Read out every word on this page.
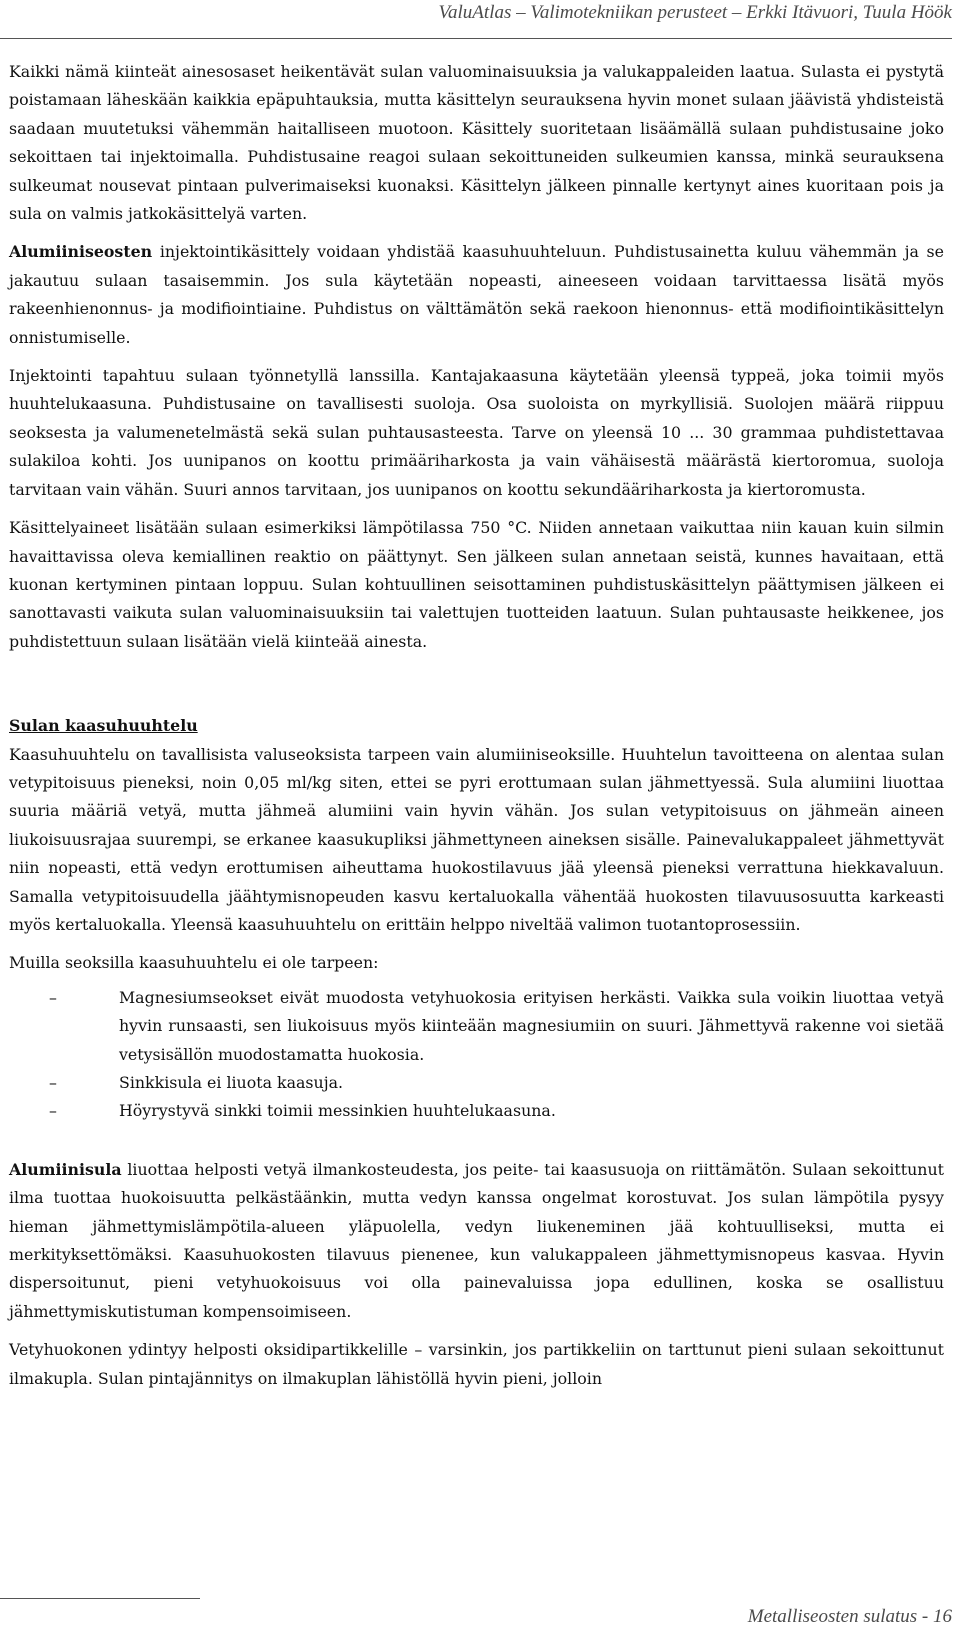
ValuAtlas – Valimotekniikan perusteet – Erkki Itävuori, Tuula Höök

Kaikki nämä kiinteät ainesosaset heikentävät sulan valuominaisuuksia ja valukappaleiden laatua. Sulasta ei pystytä poistamaan läheskään kaikkia epäpuhtauksia, mutta käsittelyn seurauksena hyvin monet sulaan jäävistä yhdisteistä saadaan muutetuksi vähemmän haitalliseen muotoon. Käsittely suoritetaan lisäämällä sulaan puhdistusaine joko sekoittaen tai injektoimalla. Puhdistusaine reagoi sulaan sekoittuneiden sulkeumien kanssa, minkä seurauksena sulkeumat nousevat pintaan pulverimaiseksi kuonaksi. Käsittelyn jälkeen pinnalle kertynyt aines kuoritaan pois ja sula on valmis jatkokäsittelyä varten.

Alumiiniseosten injektointikäsittely voidaan yhdistää kaasuhuuhteluun. Puhdistusainetta kuluu vähemmän ja se jakautuu sulaan tasaisemmin. Jos sula käytetään nopeasti, aineeseen voidaan tarvittaessa lisätä myös rakeenhienonnus- ja modifiointiaine. Puhdistus on välttämätön sekä raekoon hienonnus- että modifiointikäsittelyn onnistumiselle.

Injektointi tapahtuu sulaan työnnetyllä lanssilla. Kantajakaasuna käytetään yleensä typpeä, joka toimii myös huuhtelukaasuna. Puhdistusaine on tavallisesti suoloja. Osa suoloista on myrkyllisiä. Suolojen määrä riippuu seoksesta ja valumenetelmästä sekä sulan puhtausasteesta. Tarve on yleensä 10 ... 30 grammaa puhdistettavaa sulakiloa kohti. Jos uunipanos on koottu primääriharkosta ja vain vähäisestä määrästä kiertoromua, suoloja tarvitaan vain vähän. Suuri annos tarvitaan, jos uunipanos on koottu sekundääriharkosta ja kiertoromusta.

Käsittelyaineet lisätään sulaan esimerkiksi lämpötilassa 750 °C. Niiden annetaan vaikuttaa niin kauan kuin silmin havaittavissa oleva kemiallinen reaktio on päättynyt. Sen jälkeen sulan annetaan seistä, kunnes havaitaan, että kuonan kertyminen pintaan loppuu. Sulan kohtuullinen seisottaminen puhdistuskäsittelyn päättymisen jälkeen ei sanottavasti vaikuta sulan valuominaisuuksiin tai valettujen tuotteiden laatuun. Sulan puhtausaste heikkenee, jos puhdistettuun sulaan lisätään vielä kiinteää ainesta.

Sulan kaasuhuuhtelu

Kaasuhuuhtelu on tavallisista valuseoksista tarpeen vain alumiiniseoksille. Huuhtelun tavoitteena on alentaa sulan vetypitoisuus pieneksi, noin 0,05 ml/kg siten, ettei se pyri erottumaan sulan jähmettyessä. Sula alumiini liuottaa suuria määriä vetyä, mutta jähmeä alumiini vain hyvin vähän. Jos sulan vetypitoisuus on jähmeän aineen liukoisuusrajaa suurempi, se erkanee kaasukupliksi jähmettyneen aineksen sisälle. Painevalukappaleet jähmettyvät niin nopeasti, että vedyn erottumisen aiheuttama huokostilavuus jää yleensä pieneksi verrattuna hiekkavaluun. Samalla vetypitoisuudella jäähtymisnopeuden kasvu kertaluokalla vähentää huokosten tilavuusosuutta karkeasti myös kertaluokalla. Yleensä kaasuhuuhtelu on erittäin helppo niveltää valimon tuotantoprosessiin.

Muilla seoksilla kaasuhuuhtelu ei ole tarpeen:

–	Magnesiumseokset eivät muodosta vetyhuokosia erityisen herkästi. Vaikka sula voikin liuottaa vetyä hyvin runsaasti, sen liukoisuus myös kiinteään magnesiumiin on suuri. Jähmettyvä rakenne voi sietää vetysisällön muodostamatta huokosia.
–	Sinkkisula ei liuota kaasuja.
–	Höyrystyvä sinkki toimii messinkien huuhtelukaasuna.

Alumiinisula liuottaa helposti vetyä ilmankosteudesta, jos peite- tai kaasusuoja on riittämätön. Sulaan sekoittunut ilma tuottaa huokoisuutta pelkästäänkin, mutta vedyn kanssa ongelmat korostuvat. Jos sulan lämpötila pysyy hieman jähmettymislämpötila-alueen yläpuolella, vedyn liukeneminen jää kohtuulliseksi, mutta ei merkityksettömäksi. Kaasuhuokosten tilavuus pienenee, kun valukappaleen jähmettymisnopeus kasvaa. Hyvin dispersoitunut, pieni vetyhuokoisuus voi olla painevaluissa jopa edullinen, koska se osallistuu jähmettymiskutistuman kompensoimiseen.

Vetyhuokonen ydintyy helposti oksidipartikkelille – varsinkin, jos partikkeliin on tarttunut pieni sulaan sekoittunut ilmakupla. Sulan pintajännitys on ilmakuplan lähistöllä hyvin pieni, jolloin

Metalliseosten sulatus - 16
